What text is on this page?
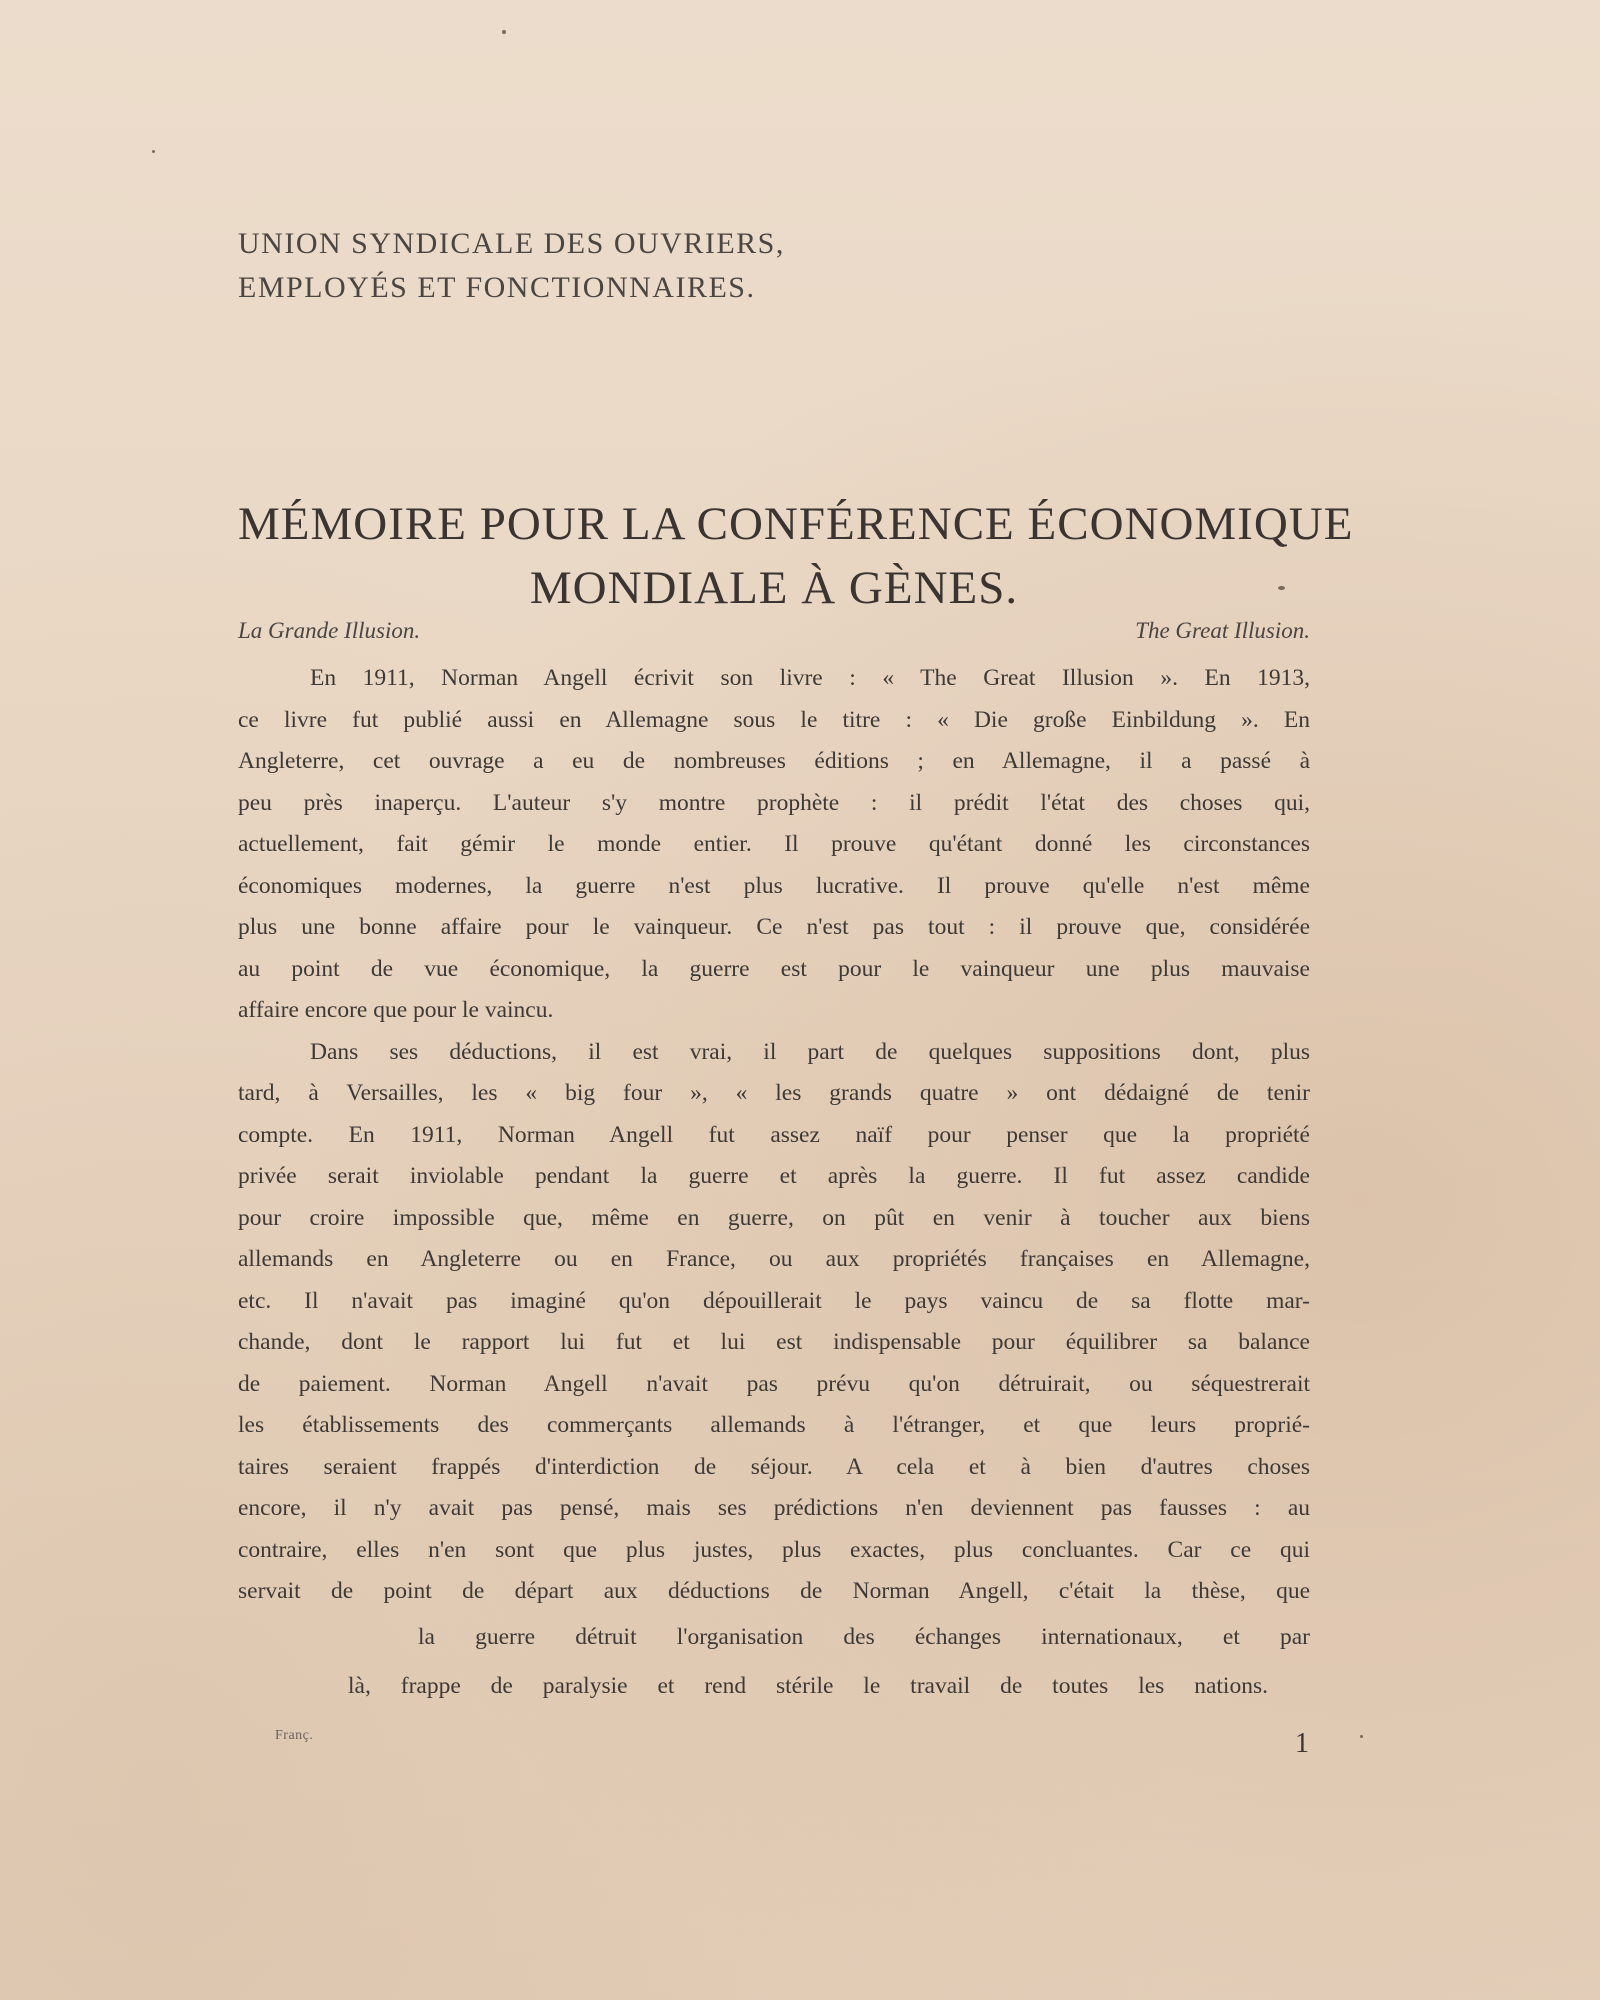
UNION SYNDICALE DES OUVRIERS,
EMPLOYÉS ET FONCTIONNAIRES.
MÉMOIRE POUR LA CONFÉRENCE ÉCONOMIQUE
MONDIALE À GÈNES.
La Grande Illusion.	The Great Illusion.
En 1911, Norman Angell écrivit son livre : « The Great Illusion ». En 1913,
ce livre fut publié aussi en Allemagne sous le titre : « Die große Einbildung ». En
Angleterre, cet ouvrage a eu de nombreuses éditions ; en Allemagne, il a passé à
peu près inaperçu. L'auteur s'y montre prophète : il prédit l'état des choses qui,
actuellement, fait gémir le monde entier. Il prouve qu'étant donné les circonstances
économiques modernes, la guerre n'est plus lucrative. Il prouve qu'elle n'est même
plus une bonne affaire pour le vainqueur. Ce n'est pas tout : il prouve que, considérée
au point de vue économique, la guerre est pour le vainqueur une plus mauvaise
affaire encore que pour le vaincu.
Dans ses déductions, il est vrai, il part de quelques suppositions dont, plus
tard, à Versailles, les « big four », « les grands quatre » ont dédaigné de tenir
compte. En 1911, Norman Angell fut assez naïf pour penser que la propriété
privée serait inviolable pendant la guerre et après la guerre. Il fut assez candide
pour croire impossible que, même en guerre, on pût en venir à toucher aux biens
allemands en Angleterre ou en France, ou aux propriétés françaises en Allemagne,
etc. Il n'avait pas imaginé qu'on dépouillerait le pays vaincu de sa flotte mar-
chande, dont le rapport lui fut et lui est indispensable pour équilibrer sa balance
de paiement. Norman Angell n'avait pas prévu qu'on détruirait, ou séquestrerait
les établissements des commerçants allemands à l'étranger, et que leurs proprié-
taires seraient frappés d'interdiction de séjour. A cela et à bien d'autres choses
encore, il n'y avait pas pensé, mais ses prédictions n'en deviennent pas fausses : au
contraire, elles n'en sont que plus justes, plus exactes, plus concluantes. Car ce qui
servait de point de départ aux déductions de Norman Angell, c'était la thèse, que
la guerre détruit l'organisation des échanges internationaux, et par
là, frappe de paralysie et rend stérile le travail de toutes les nations.
Franç.	1
